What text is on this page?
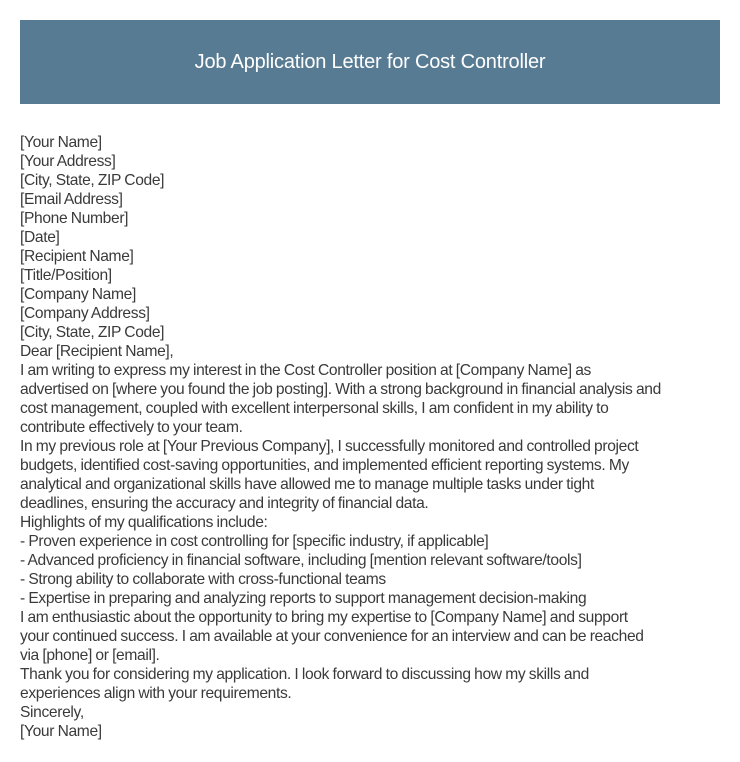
Job Application Letter for Cost Controller
[Your Name]
[Your Address]
[City, State, ZIP Code]
[Email Address]
[Phone Number]
[Date]
[Recipient Name]
[Title/Position]
[Company Name]
[Company Address]
[City, State, ZIP Code]
Dear [Recipient Name],
I am writing to express my interest in the Cost Controller position at [Company Name] as
advertised on [where you found the job posting]. With a strong background in financial analysis and
cost management, coupled with excellent interpersonal skills, I am confident in my ability to
contribute effectively to your team.
In my previous role at [Your Previous Company], I successfully monitored and controlled project
budgets, identified cost-saving opportunities, and implemented efficient reporting systems. My
analytical and organizational skills have allowed me to manage multiple tasks under tight
deadlines, ensuring the accuracy and integrity of financial data.
Highlights of my qualifications include:
- Proven experience in cost controlling for [specific industry, if applicable]
- Advanced proficiency in financial software, including [mention relevant software/tools]
- Strong ability to collaborate with cross-functional teams
- Expertise in preparing and analyzing reports to support management decision-making
I am enthusiastic about the opportunity to bring my expertise to [Company Name] and support
your continued success. I am available at your convenience for an interview and can be reached
via [phone] or [email].
Thank you for considering my application. I look forward to discussing how my skills and
experiences align with your requirements.
Sincerely,
[Your Name]
